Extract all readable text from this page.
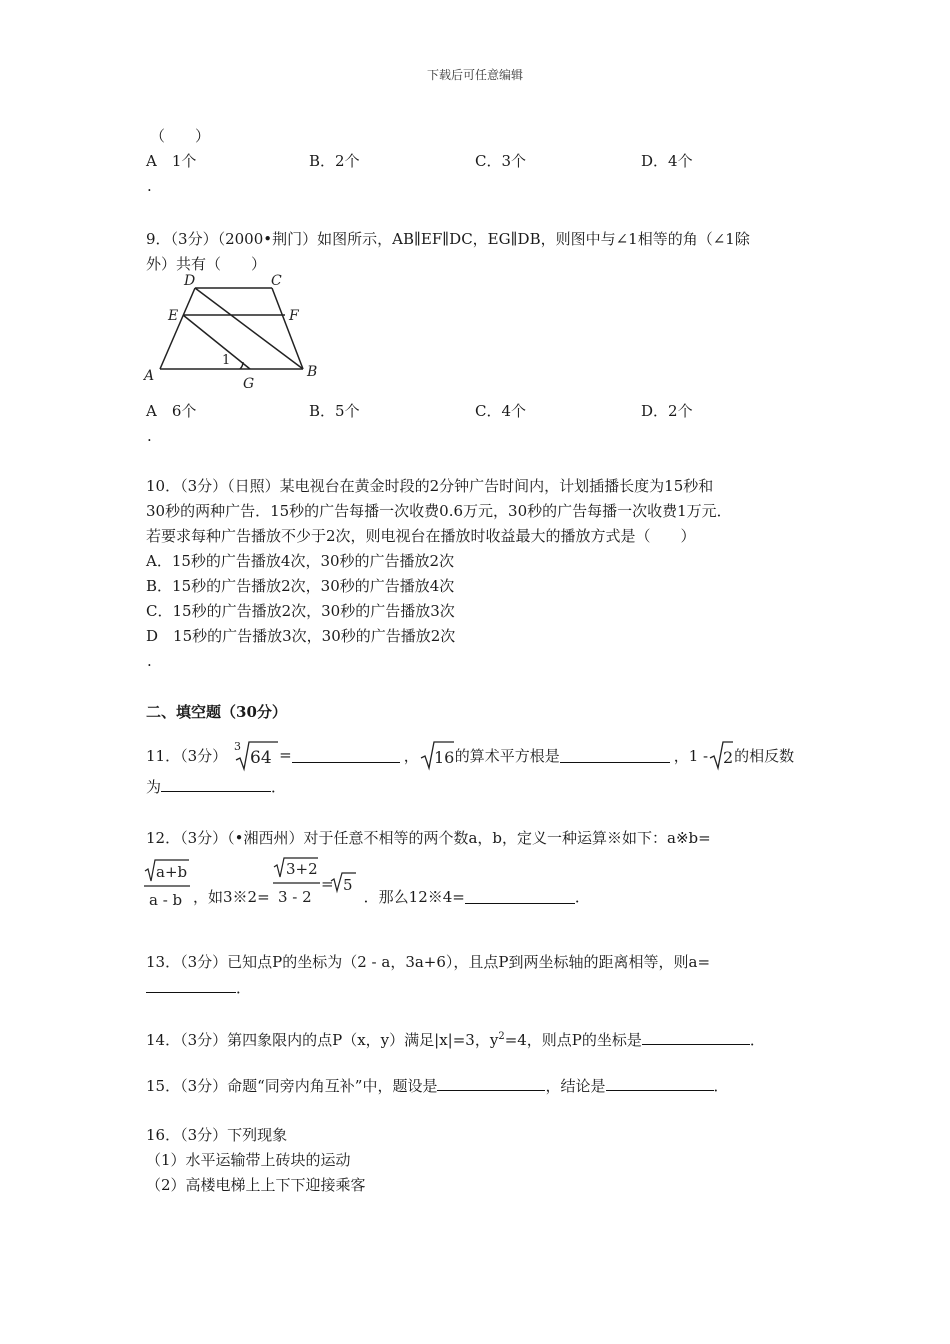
下载后可任意编辑
（　　）
A　1个	B．2个	C．3个	D．4个
.
9．（3分）（2000•荆门）如图所示，AB∥EF∥DC，EG∥DB，则图中与∠1相等的角（∠1除
外）共有（　　）
D	C
E	F
A	G
B
1
A　6个	B．5个	C．4个	D．2个
.
10．（3分）（日照）某电视台在黄金时段的2分钟广告时间内，计划插播长度为15秒和
30秒的两种广告．15秒的广告每播一次收费0.6万元，30秒的广告每播一次收费1万元．
若要求每种广告播放不少于2次，则电视台在播放时收益最大的播放方式是（　　）
A．15秒的广告播放4次，30秒的广告播放2次
B．15秒的广告播放2次，30秒的广告播放4次
C．15秒的广告播放2次，30秒的广告播放3次
D　15秒的广告播放3次，30秒的广告播放2次
.
二、填空题（30分）
11．（3分） 3
64 =	， 16 的算术平方根是	，1 - 2 的相反数
为	．
12．（3分）（•湘西州）对于任意不相等的两个数a，b，定义一种运算※如下：a※b=
a+b
a - b ，如3※2=
3+2
3 - 2
= 5
．那么12※4=	．
13．（3分）已知点P的坐标为（2 - a，3a+6），且点P到两坐标轴的距离相等，则a=
．
14．（3分）第四象限内的点P（x，y）满足|x|=3，$y^2=4$，则点P的坐标是	．
15．（3分）命题“同旁内角互补”中，题设是	，结论是	．
16．（3分）下列现象
（1）水平运输带上砖块的运动
（2）高楼电梯上上下下迎接乘客
